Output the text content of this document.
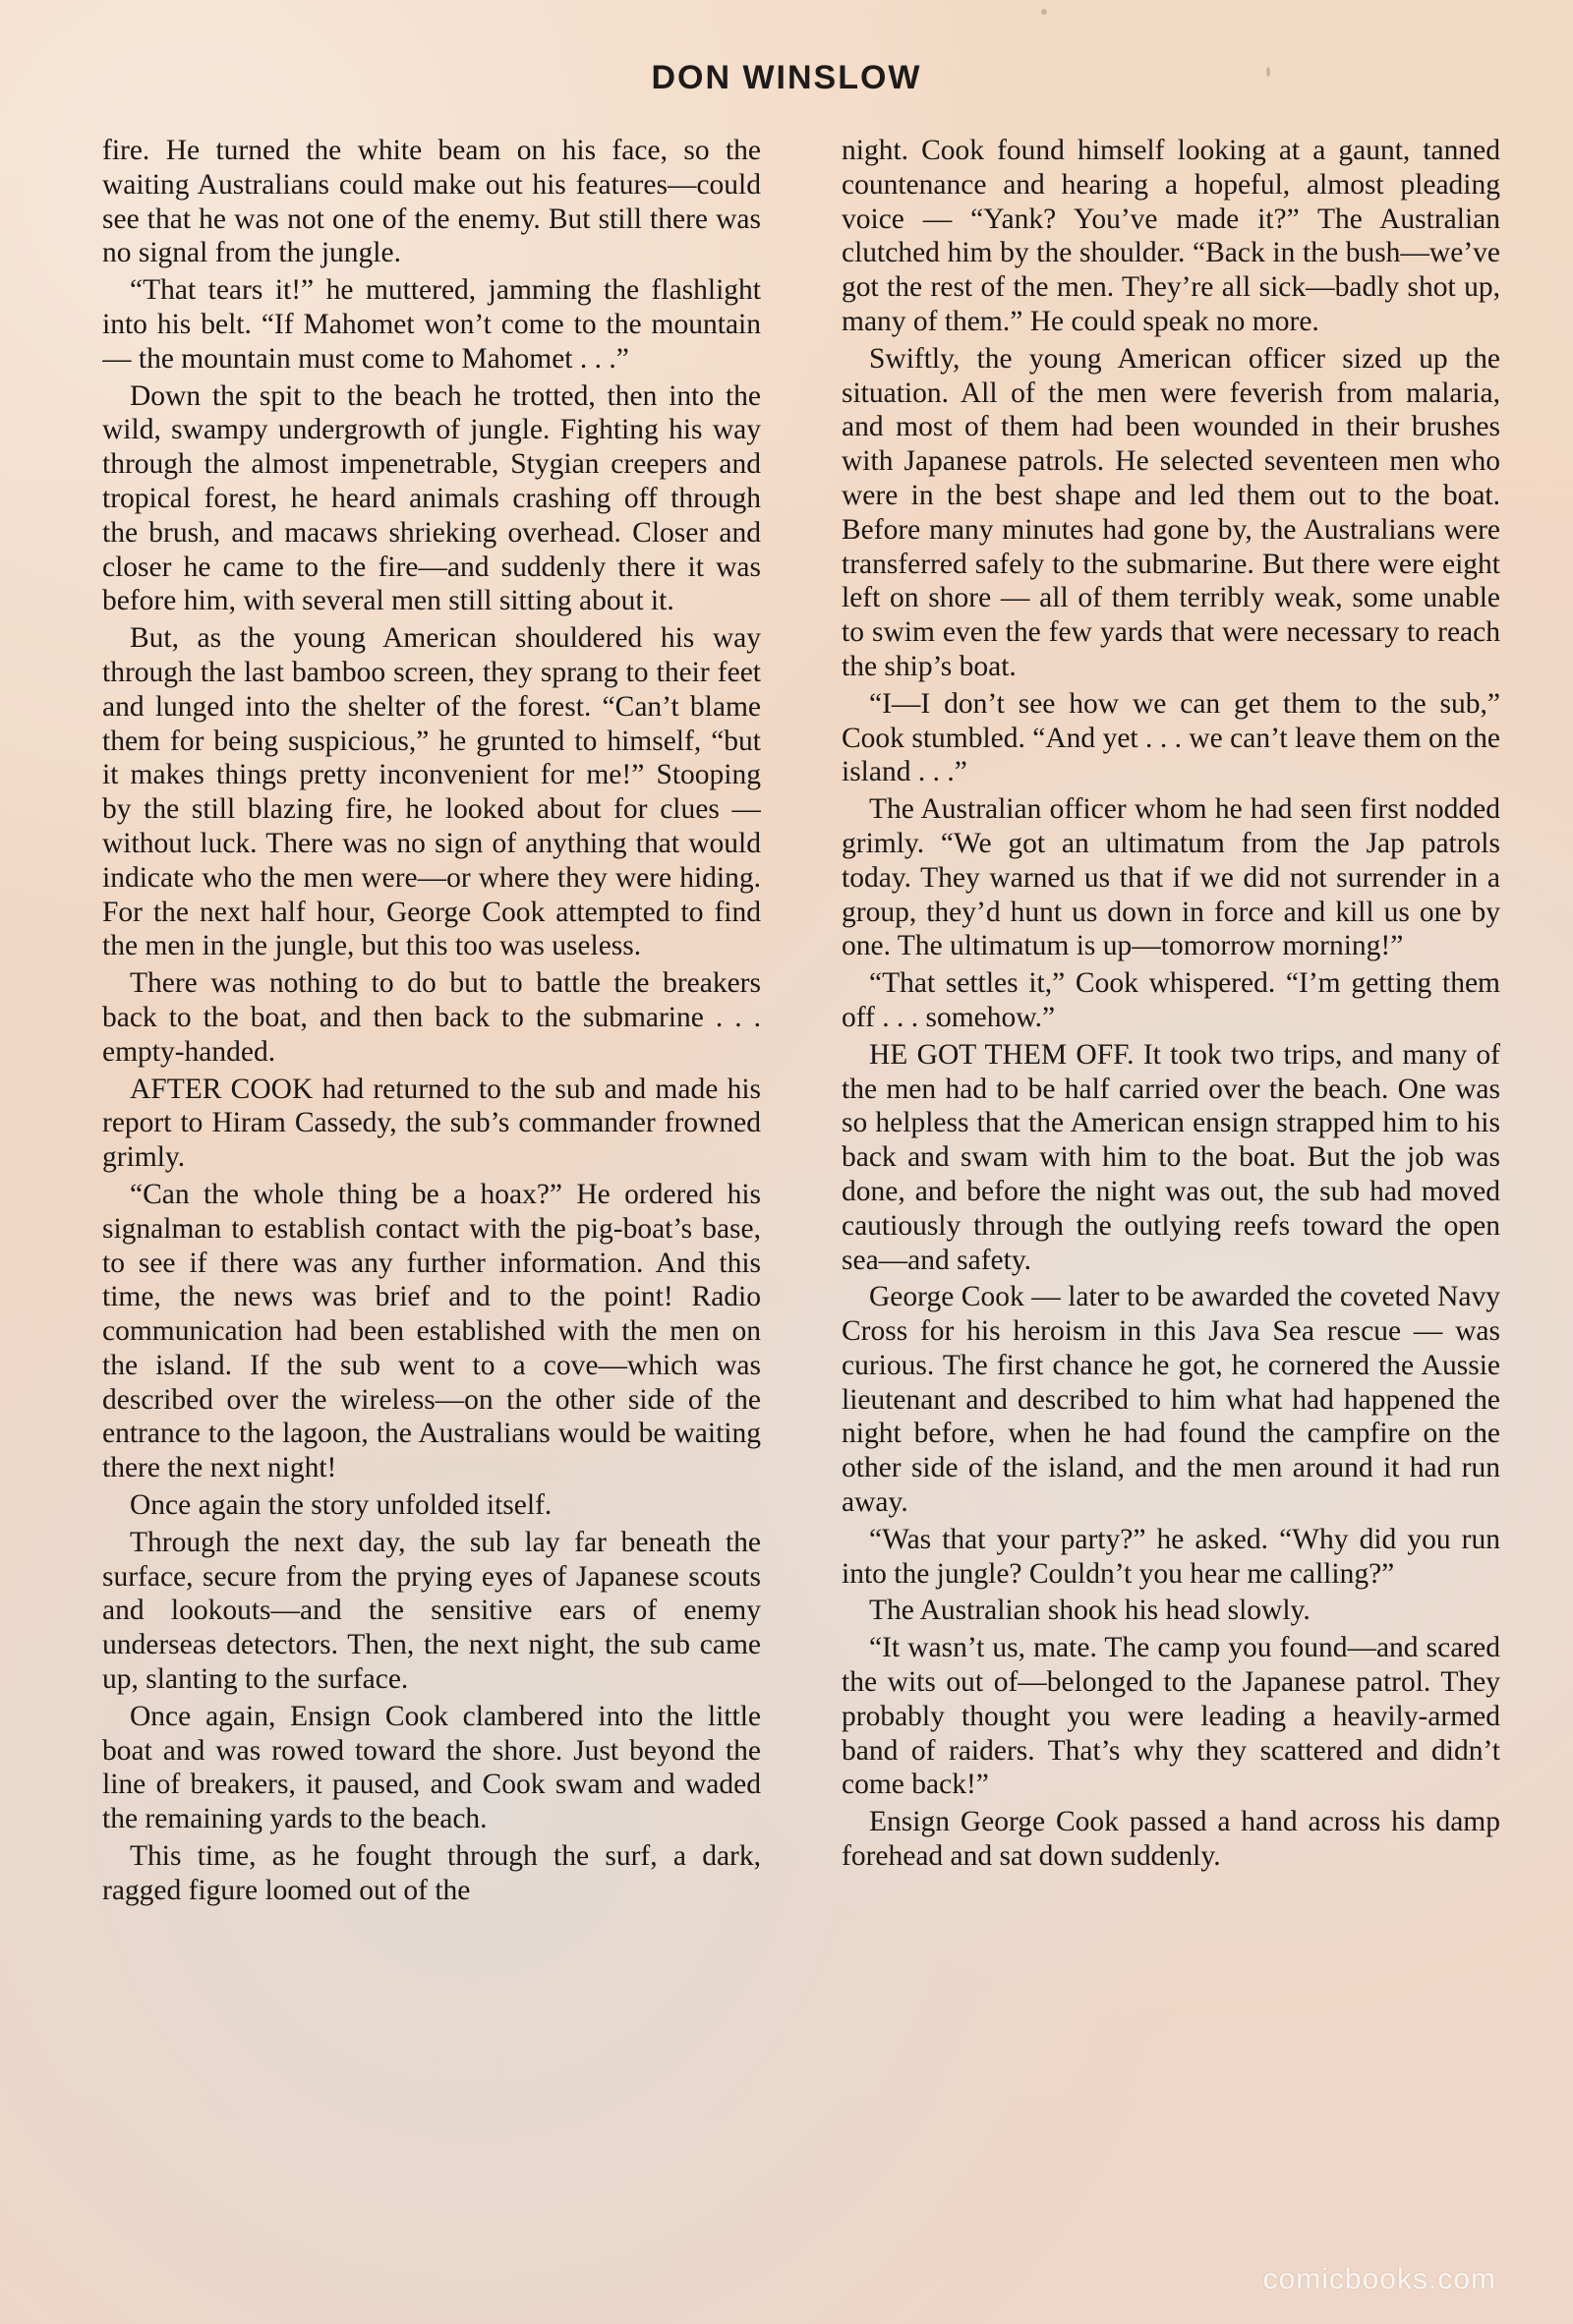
DON WINSLOW

fire. He turned the white beam on his face, so the waiting Australians could make out his features—could see that he was not one of the enemy. But still there was no signal from the jungle.

“That tears it!” he muttered, jamming the flashlight into his belt. “If Mahomet won’t come to the mountain — the mountain must come to Mahomet . . .”

Down the spit to the beach he trotted, then into the wild, swampy undergrowth of jungle. Fighting his way through the almost impenetrable, Stygian creepers and tropical forest, he heard animals crashing off through the brush, and macaws shrieking overhead. Closer and closer he came to the fire—and suddenly there it was before him, with several men still sitting about it.

But, as the young American shouldered his way through the last bamboo screen, they sprang to their feet and lunged into the shelter of the forest. “Can’t blame them for being suspicious,” he grunted to himself, “but it makes things pretty inconvenient for me!” Stooping by the still blazing fire, he looked about for clues — without luck. There was no sign of anything that would indicate who the men were—or where they were hiding. For the next half hour, George Cook attempted to find the men in the jungle, but this too was useless.

There was nothing to do but to battle the breakers back to the boat, and then back to the submarine . . . empty-handed.

AFTER COOK had returned to the sub and made his report to Hiram Cassedy, the sub’s commander frowned grimly.

“Can the whole thing be a hoax?” He ordered his signalman to establish contact with the pig-boat’s base, to see if there was any further information. And this time, the news was brief and to the point! Radio communication had been established with the men on the island. If the sub went to a cove—which was described over the wireless—on the other side of the entrance to the lagoon, the Australians would be waiting there the next night!

Once again the story unfolded itself.

Through the next day, the sub lay far beneath the surface, secure from the prying eyes of Japanese scouts and lookouts—and the sensitive ears of enemy underseas detectors. Then, the next night, the sub came up, slanting to the surface.

Once again, Ensign Cook clambered into the little boat and was rowed toward the shore. Just beyond the line of breakers, it paused, and Cook swam and waded the remaining yards to the beach.

This time, as he fought through the surf, a dark, ragged figure loomed out of the

night. Cook found himself looking at a gaunt, tanned countenance and hearing a hopeful, almost pleading voice — “Yank? You’ve made it?” The Australian clutched him by the shoulder. “Back in the bush—we’ve got the rest of the men. They’re all sick—badly shot up, many of them.” He could speak no more.

Swiftly, the young American officer sized up the situation. All of the men were feverish from malaria, and most of them had been wounded in their brushes with Japanese patrols. He selected seventeen men who were in the best shape and led them out to the boat. Before many minutes had gone by, the Australians were transferred safely to the submarine. But there were eight left on shore — all of them terribly weak, some unable to swim even the few yards that were necessary to reach the ship’s boat.

“I—I don’t see how we can get them to the sub,” Cook stumbled. “And yet . . . we can’t leave them on the island . . .”

The Australian officer whom he had seen first nodded grimly. “We got an ultimatum from the Jap patrols today. They warned us that if we did not surrender in a group, they’d hunt us down in force and kill us one by one. The ultimatum is up—tomorrow morning!”

“That settles it,” Cook whispered. “I’m getting them off . . . somehow.”

HE GOT THEM OFF. It took two trips, and many of the men had to be half carried over the beach. One was so helpless that the American ensign strapped him to his back and swam with him to the boat. But the job was done, and before the night was out, the sub had moved cautiously through the outlying reefs toward the open sea—and safety.

George Cook — later to be awarded the coveted Navy Cross for his heroism in this Java Sea rescue — was curious. The first chance he got, he cornered the Aussie lieutenant and described to him what had happened the night before, when he had found the campfire on the other side of the island, and the men around it had run away.

“Was that your party?” he asked. “Why did you run into the jungle? Couldn’t you hear me calling?”

The Australian shook his head slowly.

“It wasn’t us, mate. The camp you found—and scared the wits out of—belonged to the Japanese patrol. They probably thought you were leading a heavily-armed band of raiders. That’s why they scattered and didn’t come back!”

Ensign George Cook passed a hand across his damp forehead and sat down suddenly.

comicbooks.com
